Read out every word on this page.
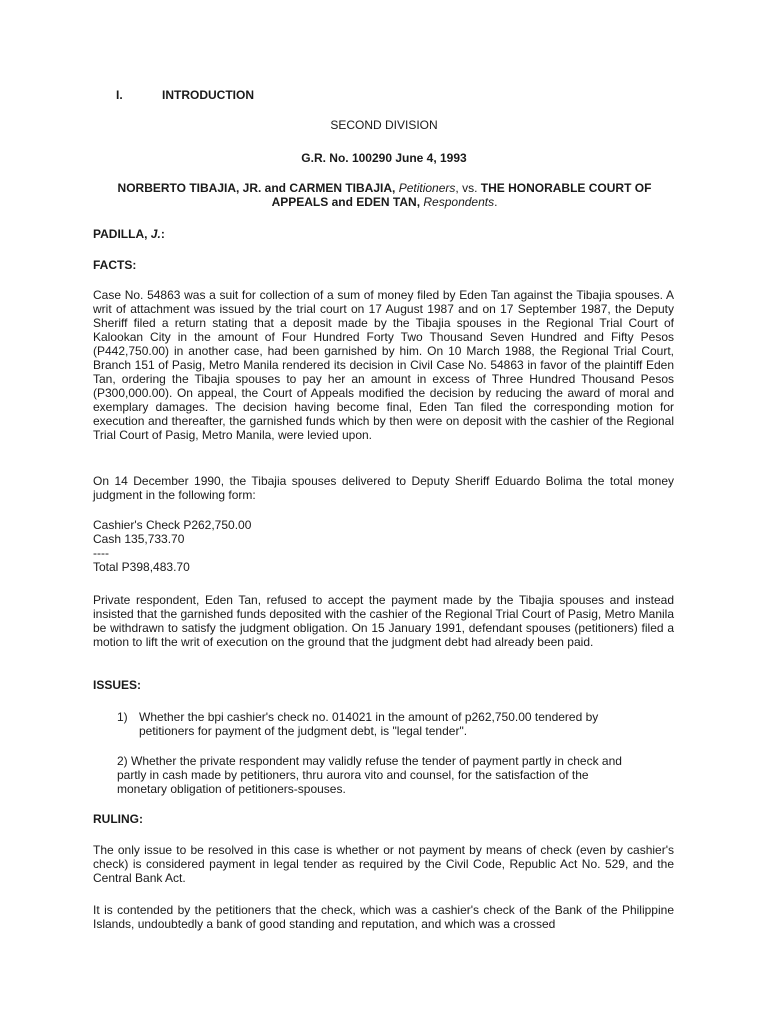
I.	INTRODUCTION
SECOND DIVISION
G.R. No. 100290 June 4, 1993
NORBERTO TIBAJIA, JR. and CARMEN TIBAJIA, Petitioners, vs. THE HONORABLE COURT OF APPEALS and EDEN TAN, Respondents.
PADILLA, J.:
FACTS:
Case No. 54863 was a suit for collection of a sum of money filed by Eden Tan against the Tibajia spouses. A writ of attachment was issued by the trial court on 17 August 1987 and on 17 September 1987, the Deputy Sheriff filed a return stating that a deposit made by the Tibajia spouses in the Regional Trial Court of Kalookan City in the amount of Four Hundred Forty Two Thousand Seven Hundred and Fifty Pesos (P442,750.00) in another case, had been garnished by him. On 10 March 1988, the Regional Trial Court, Branch 151 of Pasig, Metro Manila rendered its decision in Civil Case No. 54863 in favor of the plaintiff Eden Tan, ordering the Tibajia spouses to pay her an amount in excess of Three Hundred Thousand Pesos (P300,000.00). On appeal, the Court of Appeals modified the decision by reducing the award of moral and exemplary damages. The decision having become final, Eden Tan filed the corresponding motion for execution and thereafter, the garnished funds which by then were on deposit with the cashier of the Regional Trial Court of Pasig, Metro Manila, were levied upon.
On 14 December 1990, the Tibajia spouses delivered to Deputy Sheriff Eduardo Bolima the total money judgment in the following form:
Cashier's Check P262,750.00
Cash 135,733.70
----
Total P398,483.70
Private respondent, Eden Tan, refused to accept the payment made by the Tibajia spouses and instead insisted that the garnished funds deposited with the cashier of the Regional Trial Court of Pasig, Metro Manila be withdrawn to satisfy the judgment obligation. On 15 January 1991, defendant spouses (petitioners) filed a motion to lift the writ of execution on the ground that the judgment debt had already been paid.
ISSUES:
1) Whether the bpi cashier's check no. 014021 in the amount of p262,750.00 tendered by petitioners for payment of the judgment debt, is "legal tender".
2) Whether the private respondent may validly refuse the tender of payment partly in check and partly in cash made by petitioners, thru aurora vito and counsel, for the satisfaction of the monetary obligation of petitioners-spouses.
RULING:
The only issue to be resolved in this case is whether or not payment by means of check (even by cashier's check) is considered payment in legal tender as required by the Civil Code, Republic Act No. 529, and the Central Bank Act.
It is contended by the petitioners that the check, which was a cashier's check of the Bank of the Philippine Islands, undoubtedly a bank of good standing and reputation, and which was a crossed
